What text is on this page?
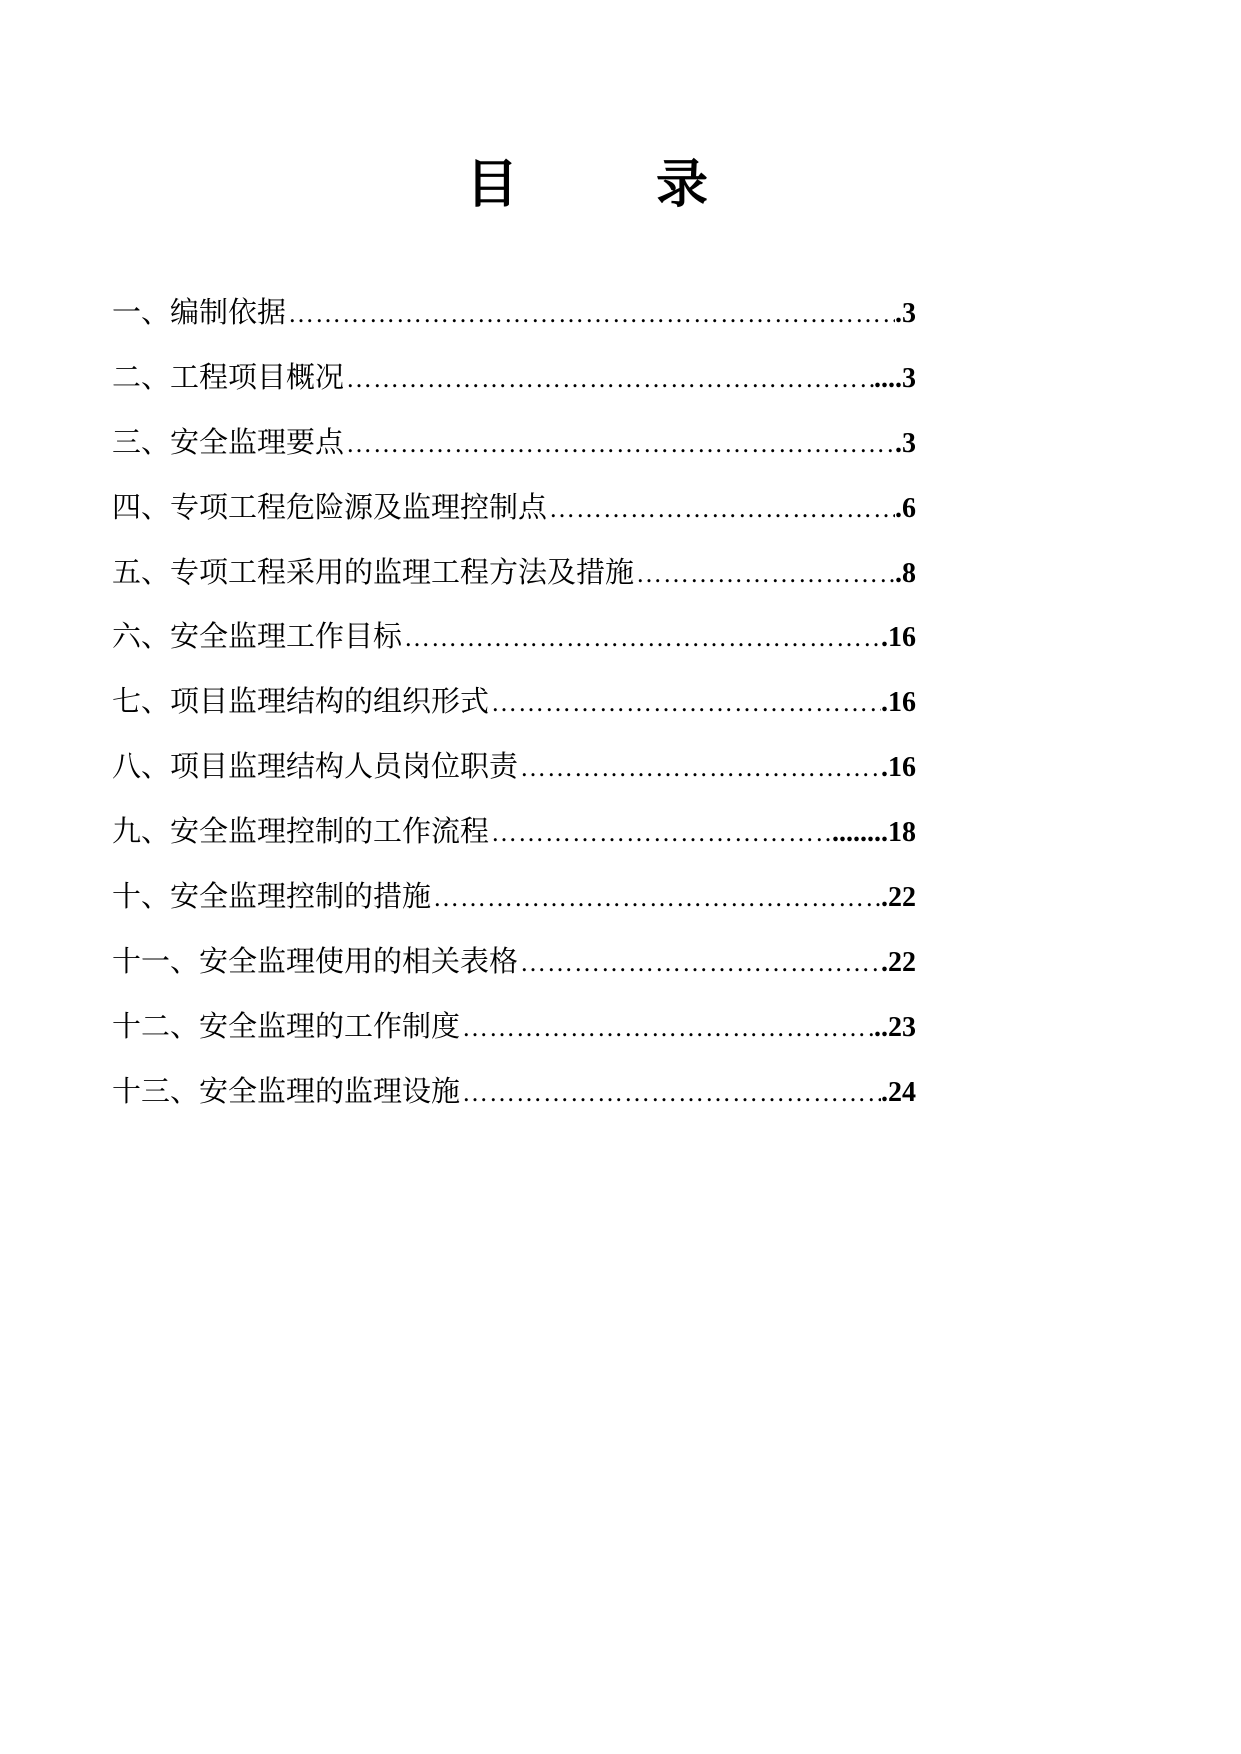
目	录
一、编制依据 ………………………………………………………………………………………………………………………………	.3
二、工程项目概况 ………………………………………………………………………………………………………………………………	....3
三、安全监理要点 ………………………………………………………………………………………………………………………………	.3
四、专项工程危险源及监理控制点 ………………………………………………………………………………………………………………………………	.6
五、专项工程采用的监理工程方法及措施 ………………………………………………………………………………………………………………………………	.8
六、安全监理工作目标 ………………………………………………………………………………………………………………………………	.16
七、项目监理结构的组织形式 ………………………………………………………………………………………………………………………………	.16
八、项目监理结构人员岗位职责 ………………………………………………………………………………………………………………………………	.16
九、安全监理控制的工作流程 ………………………………………………………………………………………………………………………………	........18
十、安全监理控制的措施 ………………………………………………………………………………………………………………………………	.22
十一、安全监理使用的相关表格 ………………………………………………………………………………………………………………………………	.22
十二、安全监理的工作制度 ………………………………………………………………………………………………………………………………	..23
十三、安全监理的监理设施 ………………………………………………………………………………………………………………………………	.24
